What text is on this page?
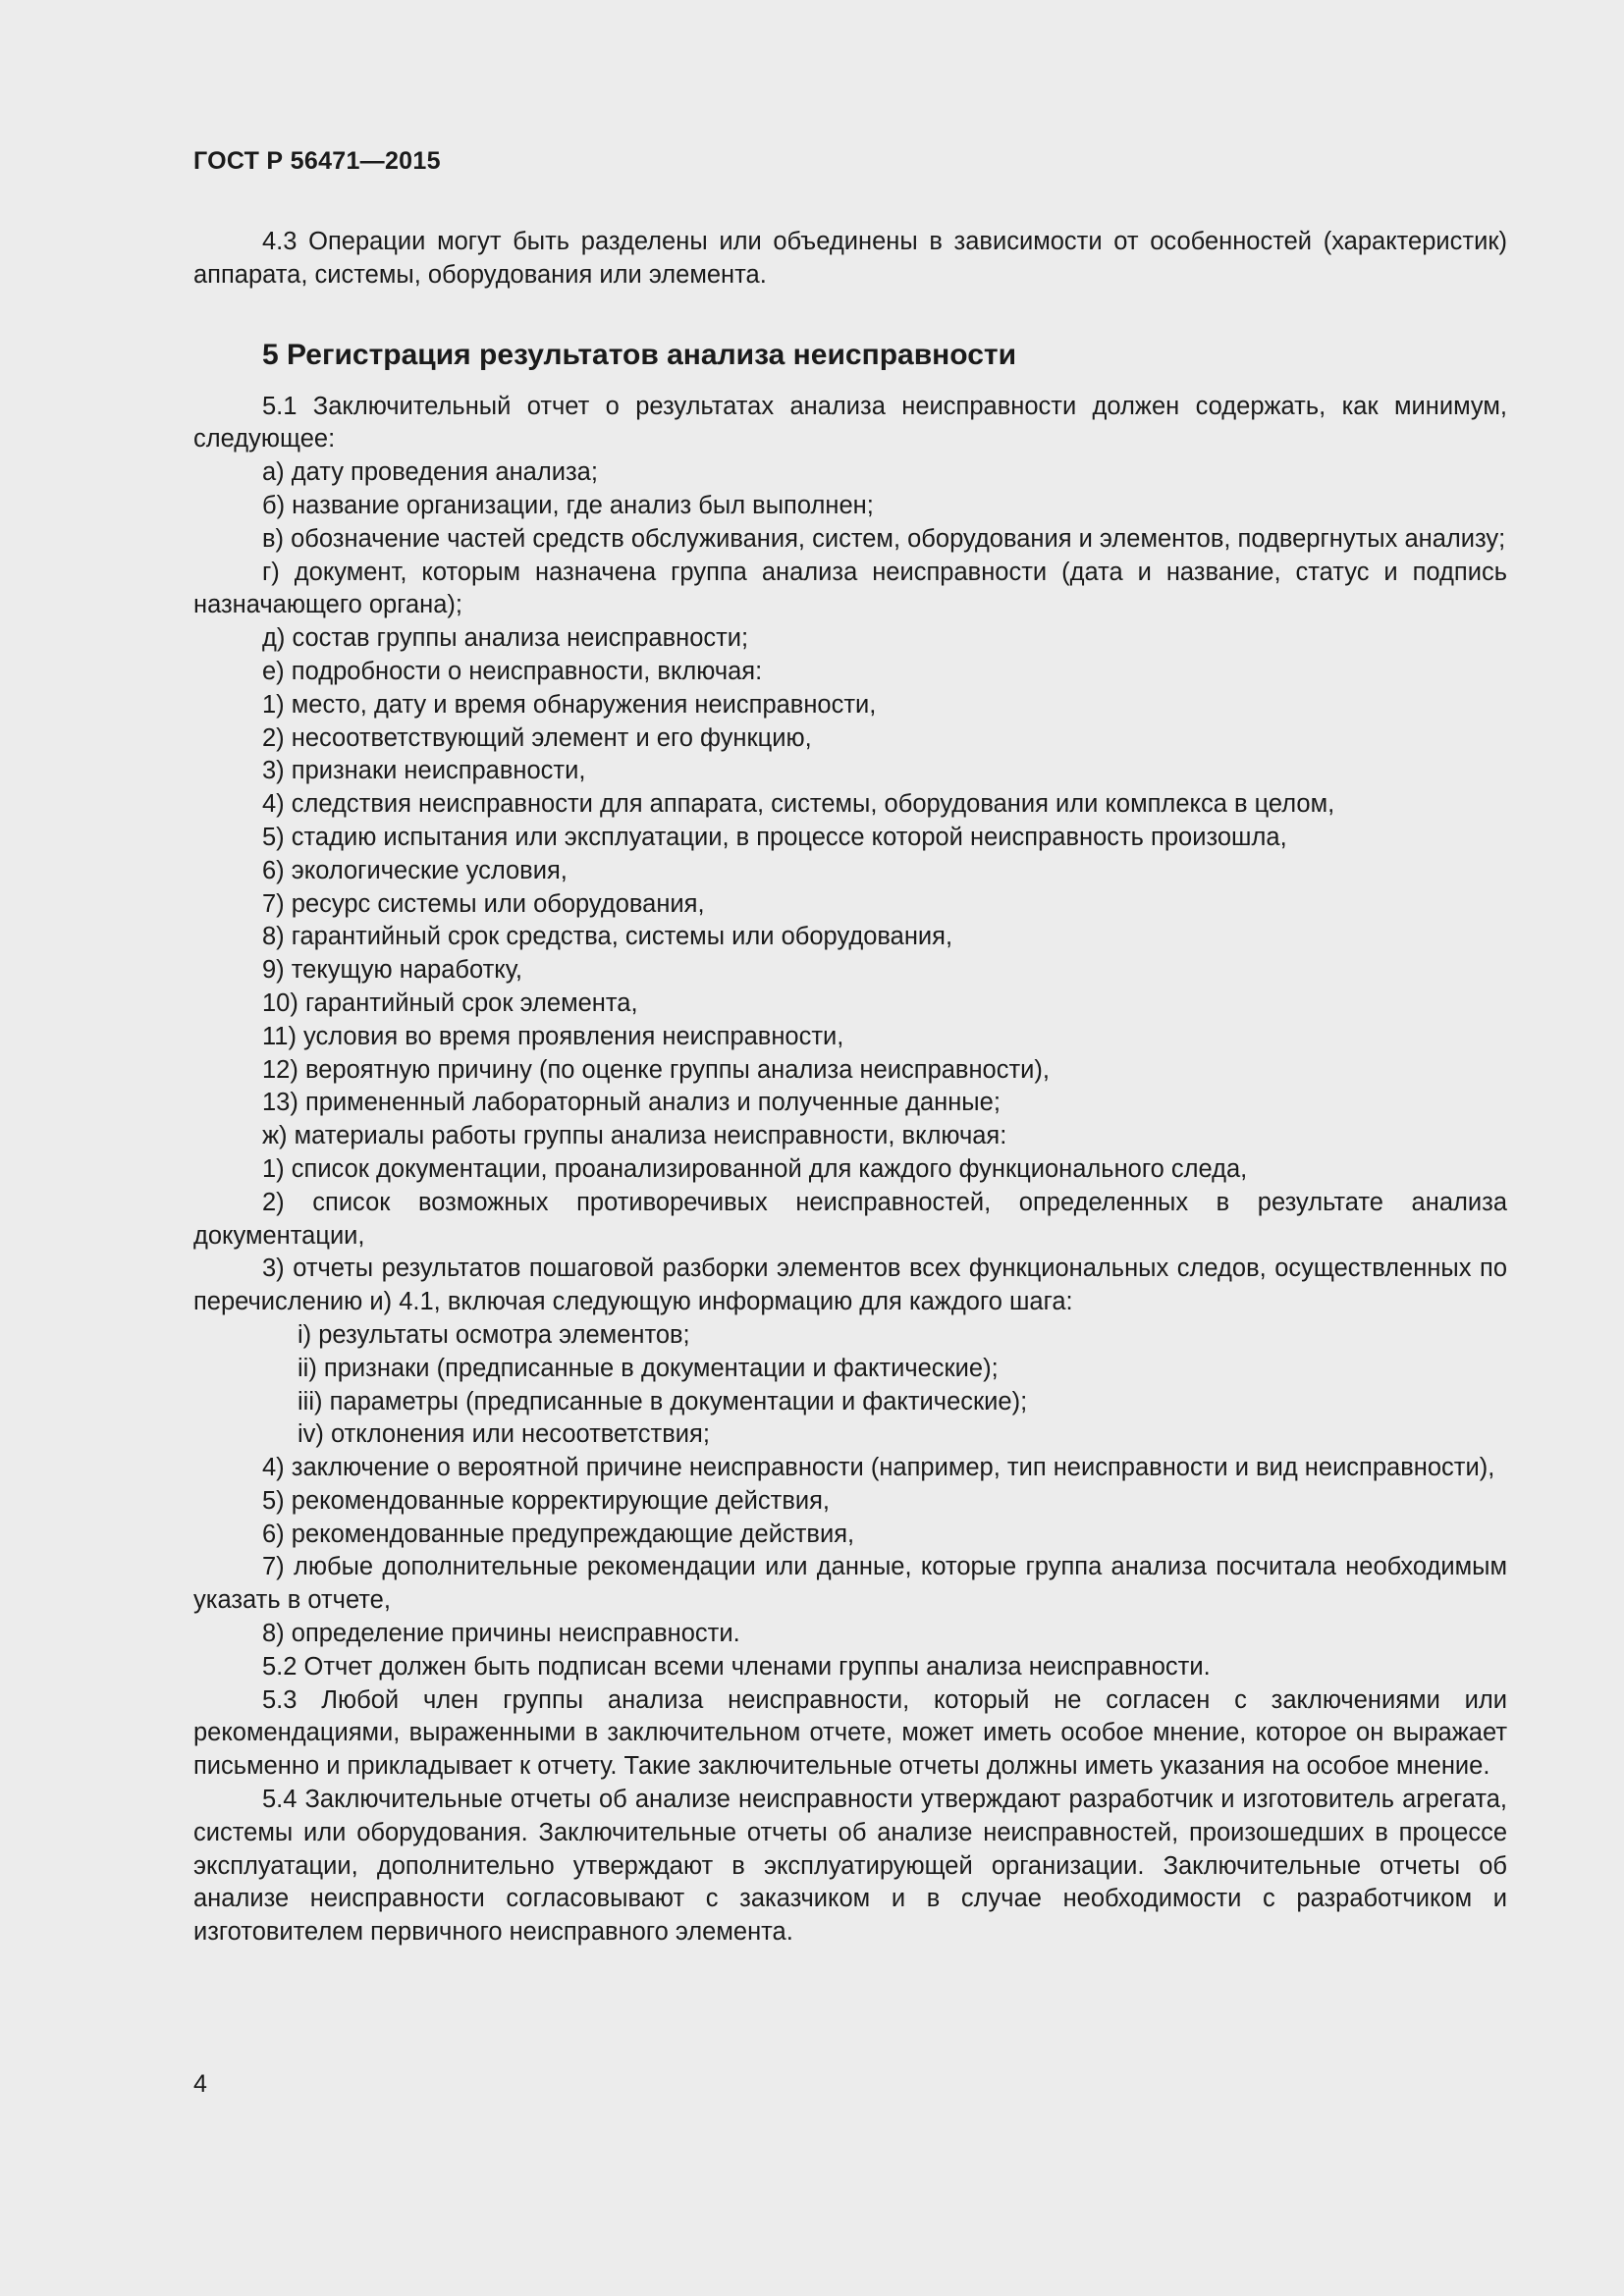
ГОСТ Р 56471—2015

4.3 Операции могут быть разделены или объединены в зависимости от особенностей (характеристик) аппарата, системы, оборудования или элемента.

5 Регистрация результатов анализа неисправности

5.1 Заключительный отчет о результатах анализа неисправности должен содержать, как минимум, следующее:

а) дату проведения анализа;

б) название организации, где анализ был выполнен;

в) обозначение частей средств обслуживания, систем, оборудования и элементов, подвергнутых анализу;

г) документ, которым назначена группа анализа неисправности (дата и название, статус и подпись назначающего органа);

д) состав группы анализа неисправности;

е) подробности о неисправности, включая:

1) место, дату и время обнаружения неисправности,

2) несоответствующий элемент и его функцию,

3) признаки неисправности,

4) следствия неисправности для аппарата, системы, оборудования или комплекса в целом,

5) стадию испытания или эксплуатации, в процессе которой неисправность произошла,

6) экологические условия,

7) ресурс системы или оборудования,

8) гарантийный срок средства, системы или оборудования,

9) текущую наработку,

10) гарантийный срок элемента,

11) условия во время проявления неисправности,

12) вероятную причину (по оценке группы анализа неисправности),

13) примененный лабораторный анализ и полученные данные;

ж) материалы работы группы анализа неисправности, включая:

1) список документации, проанализированной для каждого функционального следа,

2) список возможных противоречивых неисправностей, определенных в результате анализа документации,

3) отчеты результатов пошаговой разборки элементов всех функциональных следов, осуществленных по перечислению и) 4.1, включая следующую информацию для каждого шага:

i) результаты осмотра элементов;

ii) признаки (предписанные в документации и фактические);

iii) параметры (предписанные в документации и фактические);

iv) отклонения или несоответствия;

4) заключение о вероятной причине неисправности (например, тип неисправности и вид неисправности),

5) рекомендованные корректирующие действия,

6) рекомендованные предупреждающие действия,

7) любые дополнительные рекомендации или данные, которые группа анализа посчитала необходимым указать в отчете,

8) определение причины неисправности.

5.2 Отчет должен быть подписан всеми членами группы анализа неисправности.

5.3 Любой член группы анализа неисправности, который не согласен с заключениями или рекомендациями, выраженными в заключительном отчете, может иметь особое мнение, которое он выражает письменно и прикладывает к отчету. Такие заключительные отчеты должны иметь указания на особое мнение.

5.4 Заключительные отчеты об анализе неисправности утверждают разработчик и изготовитель агрегата, системы или оборудования. Заключительные отчеты об анализе неисправностей, произошедших в процессе эксплуатации, дополнительно утверждают в эксплуатирующей организации. Заключительные отчеты об анализе неисправности согласовывают с заказчиком и в случае необходимости с разработчиком и изготовителем первичного неисправного элемента.

4
